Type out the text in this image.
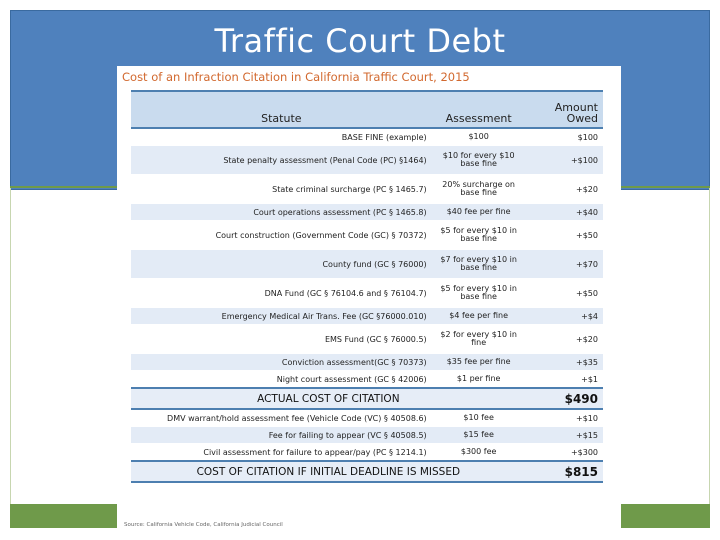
Traffic Court Debt
Cost of an Infraction Citation in California Traffic Court, 2015
Statute	Assessment	Amount
Owed
BASE FINE (example)	$100	$100
State penalty assessment (Penal Code (PC) §1464)	$10 for every $10 base fine	+$100
State criminal surcharge (PC § 1465.7)	20% surcharge on base fine	+$20
Court operations assessment (PC § 1465.8)	$40 fee per fine	+$40
Court construction (Government Code (GC) § 70372)	$5 for every $10 in base fine	+$50
County fund (GC § 76000)	$7 for every $10 in base fine	+$70
DNA Fund (GC § 76104.6 and § 76104.7)	$5 for every $10 in base fine	+$50
Emergency Medical Air Trans. Fee (GC §76000.010)	$4 fee per fine	+$4
EMS Fund (GC § 76000.5)	$2 for every $10 in fine	+$20
Conviction assessment(GC § 70373)	$35 fee per fine	+$35
Night court assessment (GC § 42006)	$1 per fine	+$1
ACTUAL COST OF CITATION		$490
DMV warrant/hold assessment fee (Vehicle Code (VC) § 40508.6)	$10 fee	+$10
Fee for failing to appear (VC § 40508.5)	$15 fee	+$15
Civil assessment for failure to appear/pay (PC § 1214.1)	$300 fee	+$300
COST OF CITATION IF INITIAL DEADLINE IS MISSED		$815
Source: California Vehicle Code, California Judicial Council
